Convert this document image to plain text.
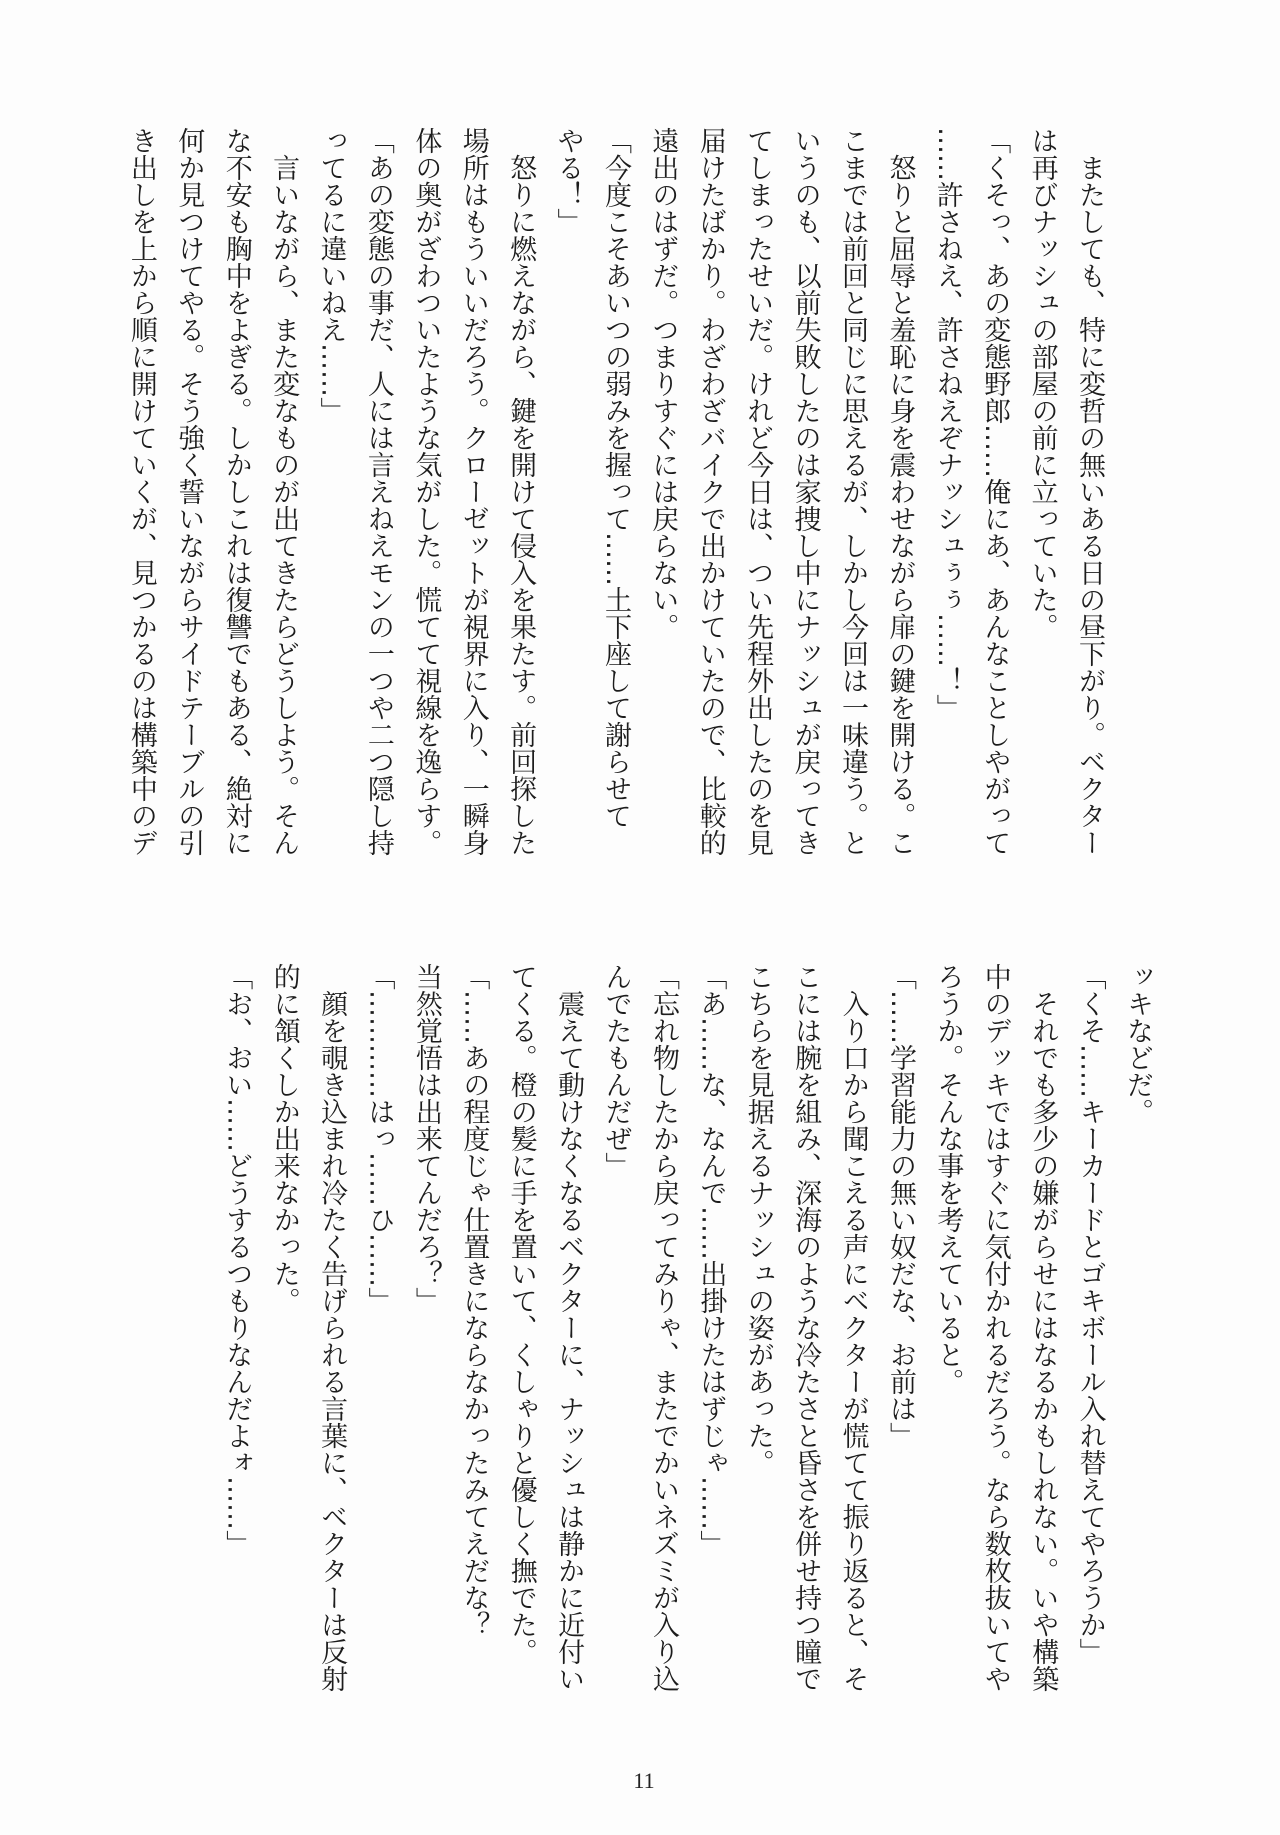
　またしても、特に変哲の無いある日の昼下がり。ベクター
は再びナッシュの部屋の前に立っていた。
「くそっ、あの変態野郎……俺にあ、あんなことしやがって
……許さねえ、許さねえぞナッシュぅぅ……！」
　怒りと屈辱と羞恥に身を震わせながら扉の鍵を開ける。こ
こまでは前回と同じに思えるが、しかし今回は一味違う。と
いうのも、以前失敗したのは家捜し中にナッシュが戻ってき
てしまったせいだ。けれど今日は、つい先程外出したのを見
届けたばかり。わざわざバイクで出かけていたので、比較的
遠出のはずだ。つまりすぐには戻らない。
「今度こそあいつの弱みを握って……土下座して謝らせて
やる！」
　怒りに燃えながら、鍵を開けて侵入を果たす。前回探した
場所はもういいだろう。クローゼットが視界に入り、一瞬身
体の奥がざわついたような気がした。慌てて視線を逸らす。
「あの変態の事だ、人には言えねえモンの一つや二つ隠し持
ってるに違いねえ……」
　言いながら、また変なものが出てきたらどうしよう。そん
な不安も胸中をよぎる。しかしこれは復讐でもある、絶対に
何か見つけてやる。そう強く誓いながらサイドテーブルの引
き出しを上から順に開けていくが、見つかるのは構築中のデ
ッキなどだ。
「くそ……キーカードとゴキボール入れ替えてやろうか」
　それでも多少の嫌がらせにはなるかもしれない。いや構築
中のデッキではすぐに気付かれるだろう。なら数枚抜いてや
ろうか。そんな事を考えていると。
「……学習能力の無い奴だな、お前は」
　入り口から聞こえる声にベクターが慌てて振り返ると、そ
こには腕を組み、深海のような冷たさと昏さを併せ持つ瞳で
こちらを見据えるナッシュの姿があった。
「あ……な、なんで……出掛けたはずじゃ……」
「忘れ物したから戻ってみりゃ、またでかいネズミが入り込
んでたもんだぜ」
　震えて動けなくなるベクターに、ナッシュは静かに近付い
てくる。橙の髪に手を置いて、くしゃりと優しく撫でた。
「……あの程度じゃ仕置きにならなかったみてえだな？
当然覚悟は出来てんだろ？」
「…………はっ……ひ……」
　顔を覗き込まれ冷たく告げられる言葉に、ベクターは反射
的に頷くしか出来なかった。
「お、おい……どうするつもりなんだよォ……」
11
